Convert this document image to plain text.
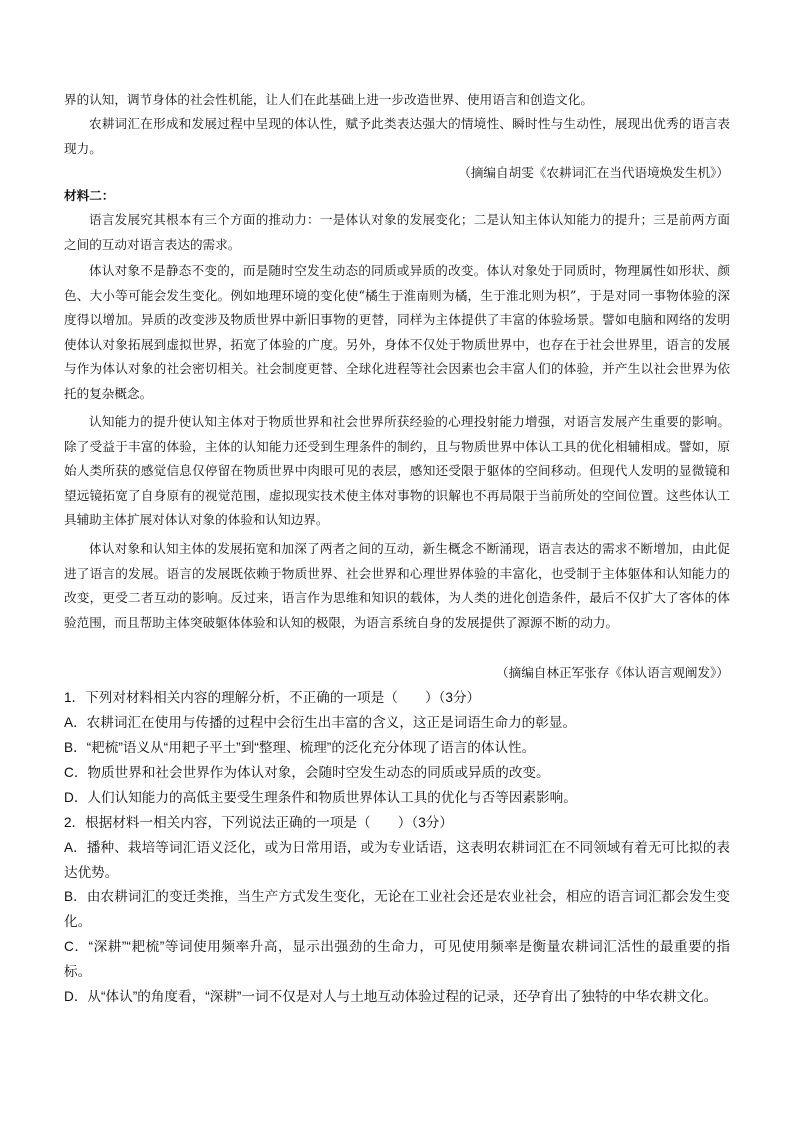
界的认知，调节身体的社会性机能，让人们在此基础上进一步改造世界、使用语言和创造文化。
农耕词汇在形成和发展过程中呈现的体认性，赋予此类表达强大的情境性、瞬时性与生动性，展现出优秀的语言表现力。
（摘编自胡雯《农耕词汇在当代语境焕发生机》）
材料二：
语言发展究其根本有三个方面的推动力：一是体认对象的发展变化；二是认知主体认知能力的提升；三是前两方面之间的互动对语言表达的需求。
体认对象不是静态不变的，而是随时空发生动态的同质或异质的改变。体认对象处于同质时，物理属性如形状、颜色、大小等可能会发生变化。例如地理环境的变化使“橘生于淮南则为橘，生于淮北则为枳”，于是对同一事物体验的深度得以增加。异质的改变涉及物质世界中新旧事物的更替，同样为主体提供了丰富的体验场景。譬如电脑和网络的发明使体认对象拓展到虚拟世界，拓宽了体验的广度。另外，身体不仅处于物质世界中，也存在于社会世界里，语言的发展与作为体认对象的社会密切相关。社会制度更替、全球化进程等社会因素也会丰富人们的体验，并产生以社会世界为依托的复杂概念。
认知能力的提升使认知主体对于物质世界和社会世界所获经验的心理投射能力增强，对语言发展产生重要的影响。除了受益于丰富的体验，主体的认知能力还受到生理条件的制约，且与物质世界中体认工具的优化相辅相成。譬如，原始人类所获的感觉信息仅停留在物质世界中肉眼可见的表层，感知还受限于躯体的空间移动。但现代人发明的显微镜和望远镜拓宽了自身原有的视觉范围，虚拟现实技术使主体对事物的识解也不再局限于当前所处的空间位置。这些体认工具辅助主体扩展对体认对象的体验和认知边界。
体认对象和认知主体的发展拓宽和加深了两者之间的互动，新生概念不断涌现，语言表达的需求不断增加，由此促进了语言的发展。语言的发展既依赖于物质世界、社会世界和心理世界体验的丰富化，也受制于主体躯体和认知能力的改变，更受二者互动的影响。反过来，语言作为思维和知识的载体，为人类的进化创造条件，最后不仅扩大了客体的体验范围，而且帮助主体突破躯体体验和认知的极限，为语言系统自身的发展提供了源源不断的动力。
（摘编自林正军张存《体认语言观阐发》）
1．下列对材料相关内容的理解分析，不正确的一项是（　　）（3分）
A．农耕词汇在使用与传播的过程中会衍生出丰富的含义，这正是词语生命力的彰显。
B．“耙梳”语义从“用耙子平土”到“整理、梳理”的泛化充分体现了语言的体认性。
C．物质世界和社会世界作为体认对象，会随时空发生动态的同质或异质的改变。
D．人们认知能力的高低主要受生理条件和物质世界体认工具的优化与否等因素影响。
2．根据材料一相关内容，下列说法正确的一项是（　　）（3分）
A．播种、栽培等词汇语义泛化，或为日常用语，或为专业话语，这表明农耕词汇在不同领域有着无可比拟的表达优势。
B．由农耕词汇的变迁类推，当生产方式发生变化，无论在工业社会还是农业社会，相应的语言词汇都会发生变化。
C．“深耕”“耙梳”等词使用频率升高，显示出强劲的生命力，可见使用频率是衡量农耕词汇活性的最重要的指标。
D．从“体认”的角度看，“深耕”一词不仅是对人与土地互动体验过程的记录，还孕育出了独特的中华农耕文化。
